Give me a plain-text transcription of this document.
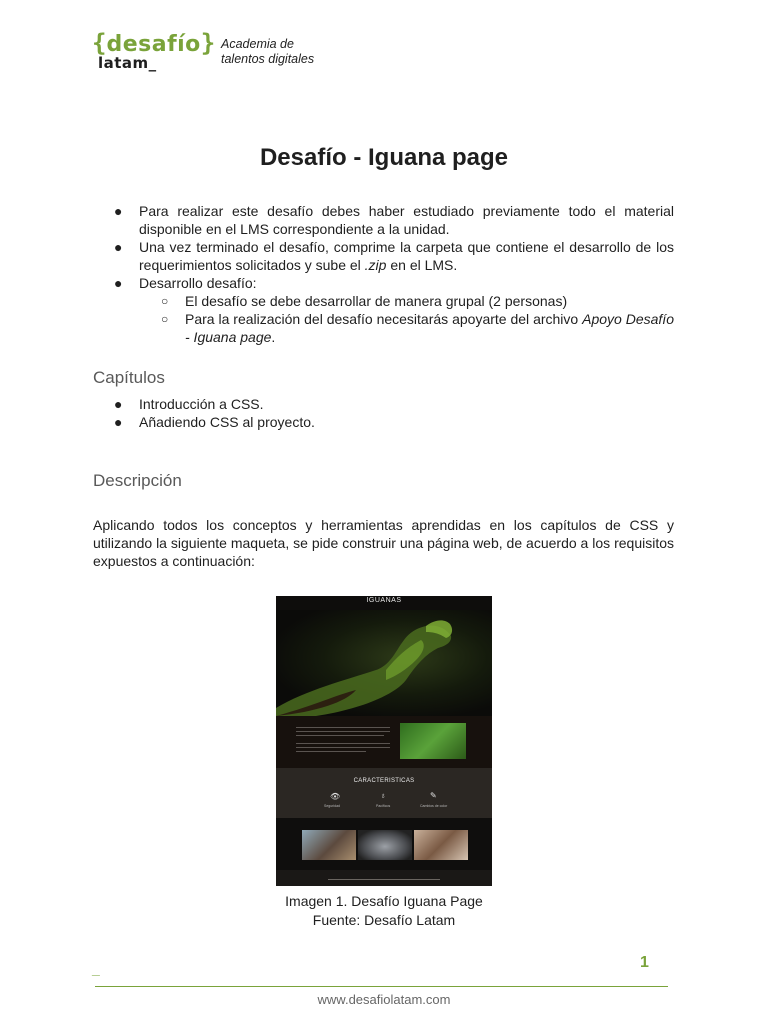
{desafío}
latam_
Academia de
talentos digitales
Desafío - Iguana page
● Para realizar este desafío debes haber estudiado previamente todo el material disponible en el LMS correspondiente a la unidad.
● Una vez terminado el desafío, comprime la carpeta que contiene el desarrollo de los requerimientos solicitados y sube el .zip en el LMS.
● Desarrollo desafío:
○ El desafío se debe desarrollar de manera grupal (2 personas)
○ Para la realización del desafío necesitarás apoyarte del archivo Apoyo Desafío - Iguana page.
Capítulos
● Introducción a CSS.
● Añadiendo CSS al proyecto.
Descripción
Aplicando todos los conceptos y herramientas aprendidas en los capítulos de CSS y utilizando la siguiente maqueta, se pide construir una página web, de acuerdo a los requisitos expuestos a continuación:
IGUANAS
CARACTERISTICAS
👁	♁	✎
Seguridad	Pacíficos	Cambios de color
Imagen 1. Desafío Iguana Page
Fuente: Desafío Latam
_	1
www.desafiolatam.com
